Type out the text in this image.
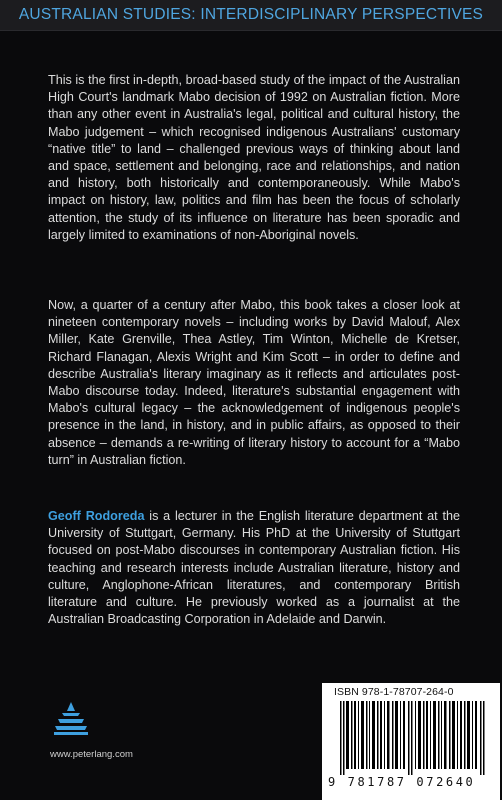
AUSTRALIAN STUDIES: INTERDISCIPLINARY PERSPECTIVES

This is the first in-depth, broad-based study of the impact of the Australian High Court's landmark Mabo decision of 1992 on Australian fiction. More than any other event in Australia's legal, political and cultural history, the Mabo judgement – which recognised indigenous Australians' customary “native title” to land – challenged previous ways of thinking about land and space, settlement and belonging, race and relationships, and nation and history, both historically and contemporaneously. While Mabo's impact on history, law, politics and film has been the focus of scholarly attention, the study of its influence on literature has been sporadic and largely limited to examinations of non-Aboriginal novels.

Now, a quarter of a century after Mabo, this book takes a closer look at nineteen contemporary novels – including works by David Malouf, Alex Miller, Kate Grenville, Thea Astley, Tim Winton, Michelle de Kretser, Richard Flanagan, Alexis Wright and Kim Scott – in order to define and describe Australia's literary imaginary as it reflects and articulates post-Mabo discourse today. Indeed, literature's substantial engagement with Mabo's cultural legacy – the acknowledgement of indigenous people's presence in the land, in history, and in public affairs, as opposed to their absence – demands a re-writing of literary history to account for a “Mabo turn” in Australian fiction.

Geoff Rodoreda is a lecturer in the English literature department at the University of Stuttgart, Germany. His PhD at the University of Stuttgart focused on post-Mabo discourses in contemporary Australian fiction. His teaching and research interests include Australian literature, history and culture, Anglophone-African literatures, and contemporary British literature and culture. He previously worked as a journalist at the Australian Broadcasting Corporation in Adelaide and Darwin.

www.peterlang.com
ISBN 978-1-78707-264-0
9 781787 072640
